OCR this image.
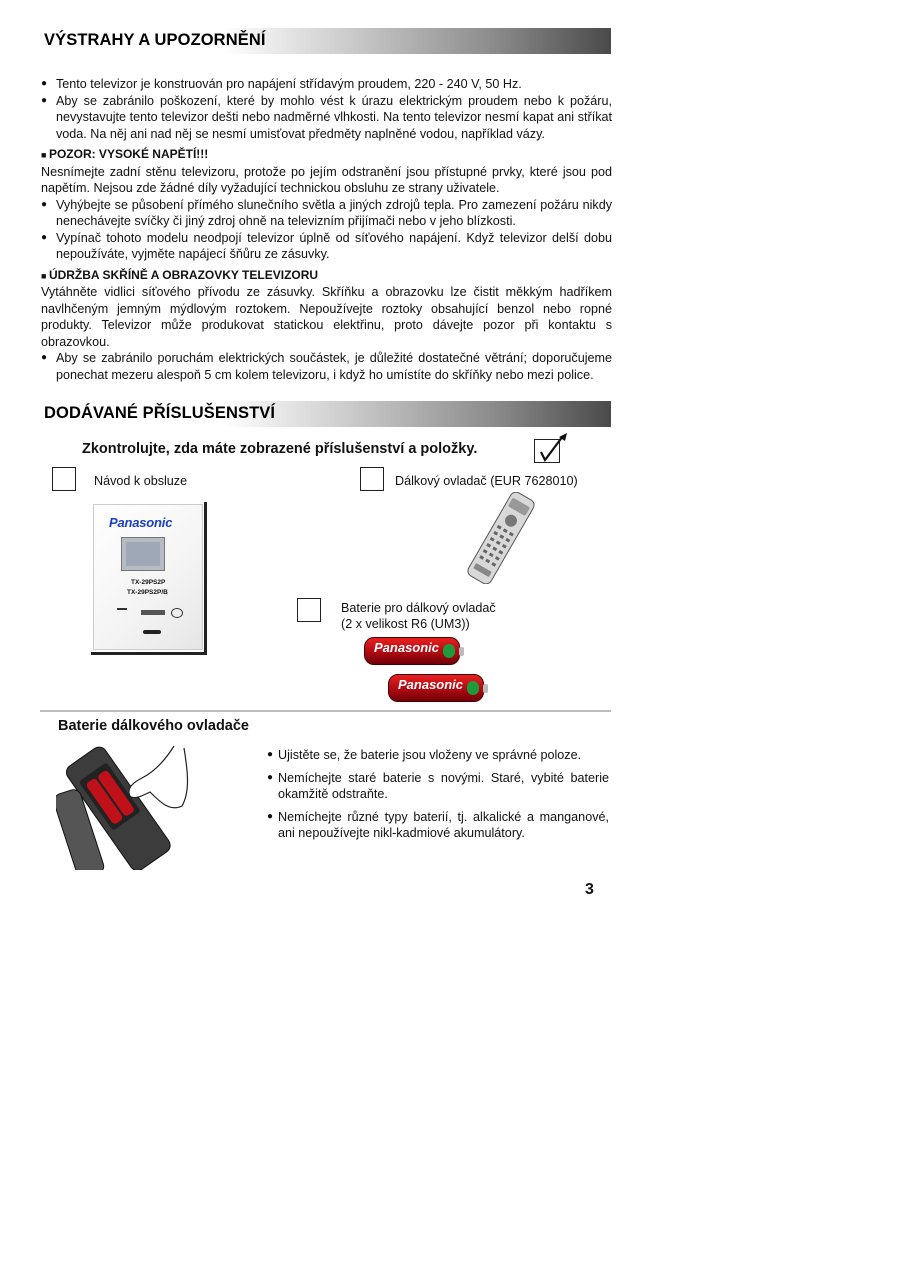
VÝSTRAHY A UPOZORNĚNÍ
● Tento televizor je konstruován pro napájení střídavým proudem, 220 - 240 V, 50 Hz.
● Aby se zabránilo poškození, které by mohlo vést k úrazu elektrickým proudem nebo k požáru, nevystavujte tento televizor dešti nebo nadměrné vlhkosti. Na tento televizor nesmí kapat ani stříkat voda. Na něj ani nad něj se nesmí umisťovat předměty naplněné vodou, například vázy.
■ POZOR: VYSOKÉ NAPĚTÍ!!!
Nesnímejte zadní stěnu televizoru, protože po jejím odstranění jsou přístupné prvky, které jsou pod napětím. Nejsou zde žádné díly vyžadující technickou obsluhu ze strany uživatele.
● Vyhýbejte se působení přímého slunečního světla a jiných zdrojů tepla. Pro zamezení požáru nikdy nenechávejte svíčky či jiný zdroj ohně na televizním přijímači nebo v jeho blízkosti.
● Vypínač tohoto modelu neodpojí televizor úplně od síťového napájení. Když televizor delší dobu nepoužíváte, vyjměte napájecí šňůru ze zásuvky.
■ ÚDRŽBA SKŘÍNĚ A OBRAZOVKY TELEVIZORU
Vytáhněte vidlici síťového přívodu ze zásuvky. Skříňku a obrazovku lze čistit měkkým hadříkem navlhčeným jemným mýdlovým roztokem. Nepoužívejte roztoky obsahující benzol nebo ropné produkty. Televizor může produkovat statickou elektřinu, proto dávejte pozor při kontaktu s obrazovkou.
● Aby se zabránilo poruchám elektrických součástek, je důležité dostatečné větrání; doporučujeme ponechat mezeru alespoň 5 cm kolem televizoru, i když ho umístíte do skříňky nebo mezi police.
DODÁVANÉ PŘÍSLUŠENSTVÍ
Zkontrolujte, zda máte zobrazené příslušenství a položky.
Návod k obsluze
Panasonic
TX-29PS2P
TX-29PS2P/B
Dálkový ovladač (EUR 7628010)
Baterie pro dálkový ovladač
(2 x velikost R6 (UM3))
Panasonic
Panasonic
Baterie dálkového ovladače
● Ujistěte se, že baterie jsou vloženy ve správné poloze.
● Nemíchejte staré baterie s novými. Staré, vybité baterie okamžitě odstraňte.
● Nemíchejte různé typy baterií, tj. alkalické a manganové, ani nepoužívejte nikl-kadmiové akumulátory.
3
